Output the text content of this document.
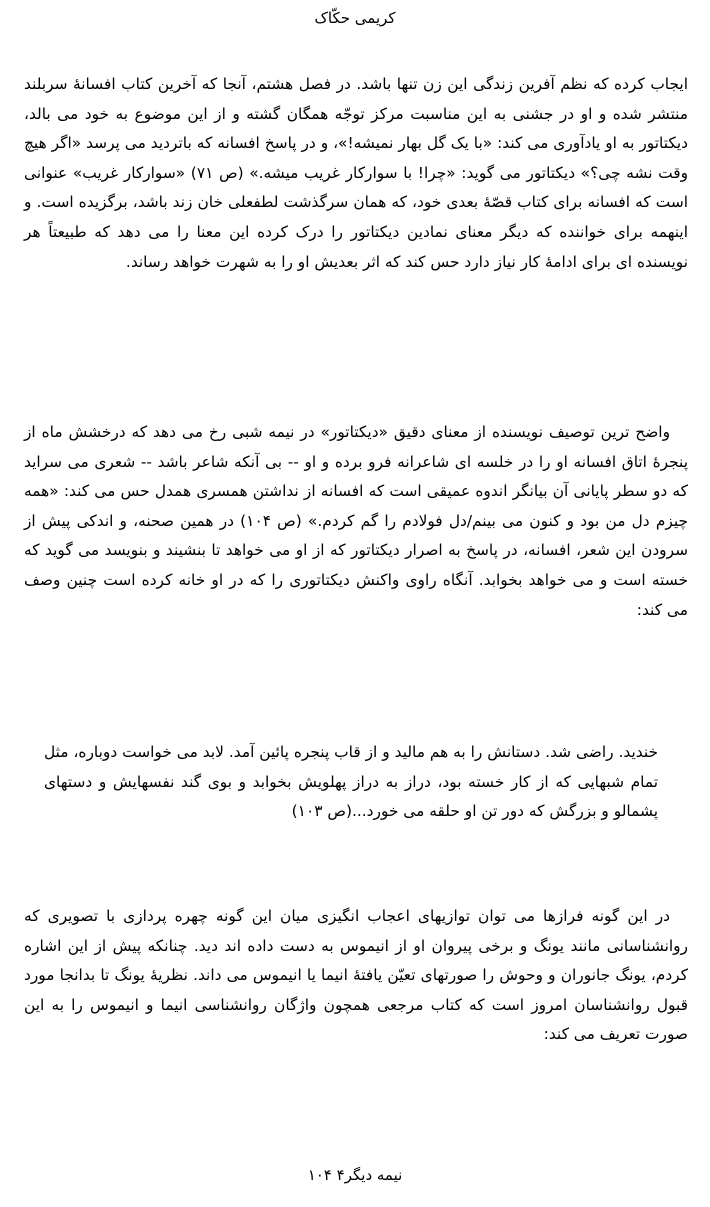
کریمی حکّاک

ایجاب کرده که نظم آفرین زندگی این زن تنها باشد. در فصل هشتم، آنجا که آخرین کتاب افسانهٔ سربلند منتشر شده و او در جشنی به این مناسبت مرکز توجّه همگان گشته و از این موضوع به خود می بالد، دیکتاتور به او یادآوری می کند: «با یک گل بهار نمیشه!»، و در پاسخ افسانه که باتردید می پرسد «اگر هیچ وقت نشه چی؟» دیکتاتور می گوید: «چرا! با سوارکار غریب میشه.» (ص ۷۱) «سوارکار غریب» عنوانی است که افسانه برای کتاب قصّهٔ بعدی خود، که همان سرگذشت لطفعلی خان زند باشد، برگزیده است. و اینهمه برای خواننده که دیگر معنای نمادین دیکتاتور را درک کرده این معنا را می دهد که طبیعتاً هر نویسنده ای برای ادامهٔ کار نیاز دارد حس کند که اثر بعدیش او را به شهرت خواهد رساند.

واضح ترین توصیف نویسنده از معنای دقیق «دیکتاتور» در نیمه شبی رخ می دهد که درخشش ماه از پنجرهٔ اتاق افسانه او را در خلسه ای شاعرانه فرو برده و او -- بی آنکه شاعر باشد -- شعری می سراید که دو سطر پایانی آن بیانگر اندوه عمیقی است که افسانه از نداشتن همسری همدل حس می کند: «همه چیزم دل من بود و کنون می بینم/دل فولادم را گم کردم.» (ص ۱۰۴) در همین صحنه، و اندکی پیش از سرودن این شعر، افسانه، در پاسخ به اصرار دیکتاتور که از او می خواهد تا بنشیند و بنویسد می گوید که خسته است و می خواهد بخوابد. آنگاه راوی واکنش دیکتاتوری را که در او خانه کرده است چنین وصف می کند:

خندید. راضی شد. دستانش را به هم مالید و از قاب پنجره پائین آمد. لابد می خواست دوباره، مثل تمام شبهایی که از کار خسته بود، دراز به دراز پهلویش بخوابد و بوی گند نفسهایش و دستهای پشمالو و بزرگش که دور تن او حلقه می خورد...(ص ۱۰۳)

در این گونه فرازها می توان توازیهای اعجاب انگیزی میان این گونه چهره پردازی با تصویری که روانشناسانی مانند یونگ و برخی پیروان او از انیموس به دست داده اند دید. چنانکه پیش از این اشاره کردم، یونگ جانوران و وحوش را صورتهای تعیّن یافتهٔ انیما یا انیموس می داند. نظریهٔ یونگ تا بدانجا مورد قبول روانشناسان امروز است که کتاب مرجعی همچون واژگان روانشناسی انیما و انیموس را به این صورت تعریف می کند:

نیمه دیگر۴ ۱۰۴
